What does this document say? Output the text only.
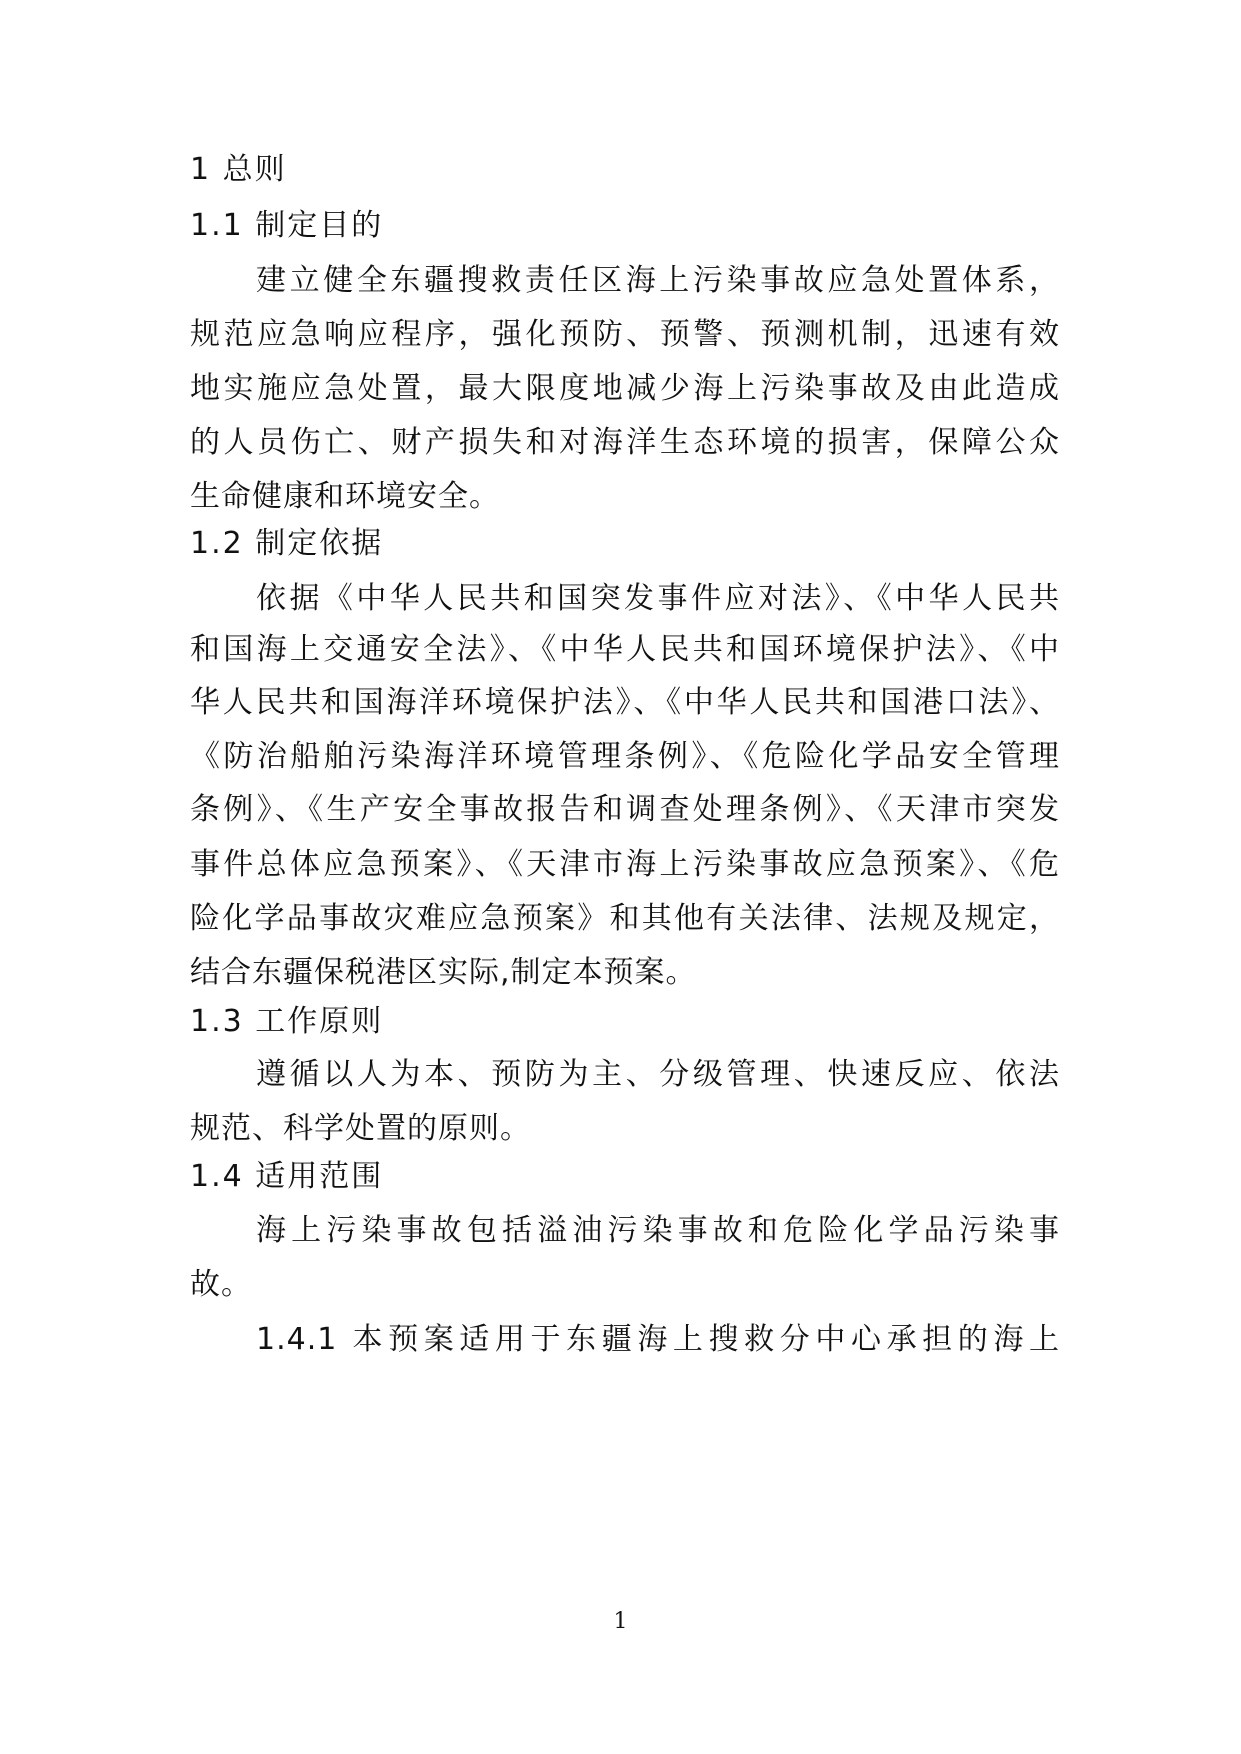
1 总则
1.1 制定目的
建立健全东疆搜救责任区海上污染事故应急处置体系，
规范应急响应程序，强化预防、预警、预测机制，迅速有效
地实施应急处置，最大限度地减少海上污染事故及由此造成
的人员伤亡、财产损失和对海洋生态环境的损害，保障公众
生命健康和环境安全。
1.2 制定依据
依据《中华人民共和国突发事件应对法》、《中华人民共
和国海上交通安全法》、《中华人民共和国环境保护法》、《中
华人民共和国海洋环境保护法》、《中华人民共和国港口法》、
《防治船舶污染海洋环境管理条例》、《危险化学品安全管理
条例》、《生产安全事故报告和调查处理条例》、《天津市突发
事件总体应急预案》、《天津市海上污染事故应急预案》、《危
险化学品事故灾难应急预案》和其他有关法律、法规及规定，
结合东疆保税港区实际,制定本预案。
1.3 工作原则
遵循以人为本、预防为主、分级管理、快速反应、依法
规范、科学处置的原则。
1.4 适用范围
海上污染事故包括溢油污染事故和危险化学品污染事
故。
1.4.1 本预案适用于东疆海上搜救分中心承担的海上
1
